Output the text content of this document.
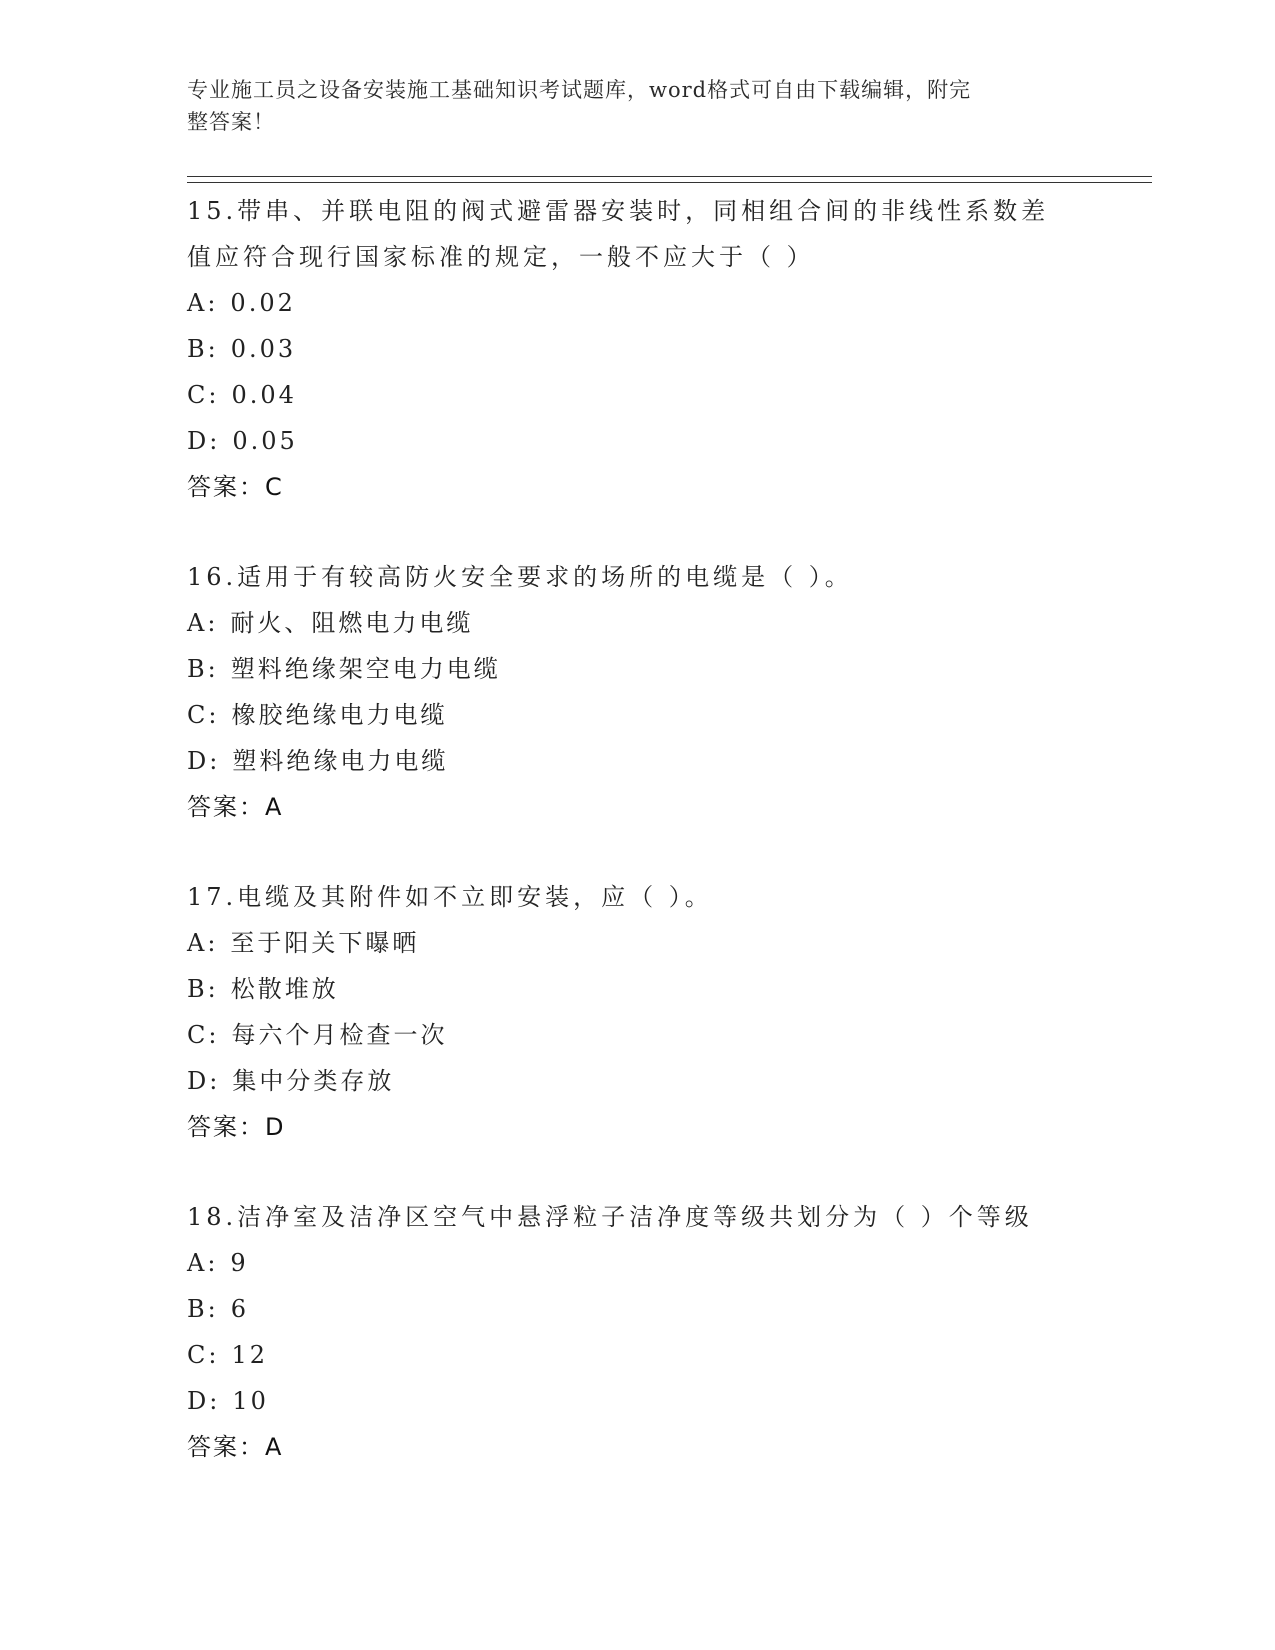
专业施工员之设备安装施工基础知识考试题库，word格式可自由下载编辑，附完
整答案！

15.带串、并联电阻的阀式避雷器安装时，同相组合间的非线性系数差
值应符合现行国家标准的规定，一般不应大于（ ）

A: 0.02

B: 0.03

C: 0.04

D: 0.05

答案：C

16.适用于有较高防火安全要求的场所的电缆是（ ）。

A: 耐火、阻燃电力电缆

B: 塑料绝缘架空电力电缆

C: 橡胶绝缘电力电缆

D: 塑料绝缘电力电缆

答案：A

17.电缆及其附件如不立即安装，应（ ）。

A: 至于阳关下曝晒

B: 松散堆放

C: 每六个月检查一次

D: 集中分类存放

答案：D

18.洁净室及洁净区空气中悬浮粒子洁净度等级共划分为（ ）个等级

A: 9

B: 6

C: 12

D: 10

答案：A
